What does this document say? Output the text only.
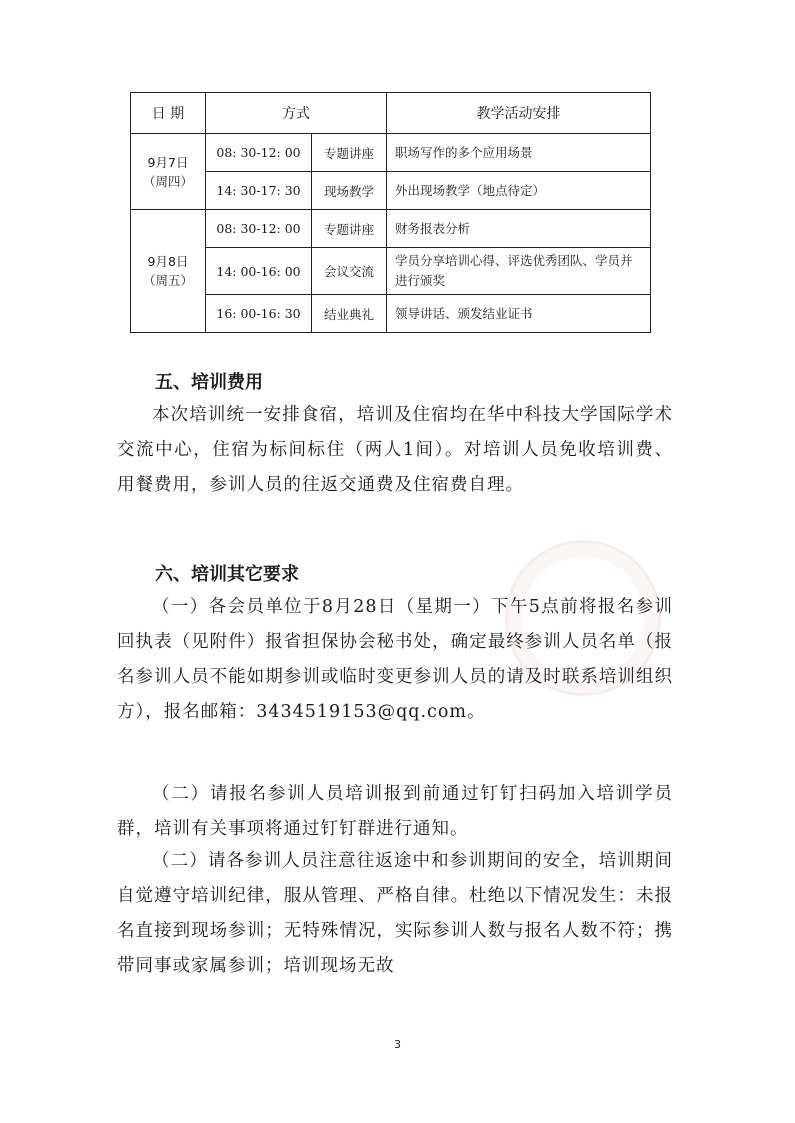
日 期	方式		教学活动安排

9月7日
（周四）	08: 30-12: 00	专题讲座	职场写作的多个应用场景
	14: 30-17: 30	现场教学	外出现场教学（地点待定）

9月8日
（周五）	08: 30-12: 00	专题讲座	财务报表分析
	14: 00-16: 00	会议交流	学员分享培训心得、评选优秀团队、学员并进行颁奖
	16: 00-16: 30	结业典礼	领导讲话、颁发结业证书
五、培训费用

本次培训统一安排食宿，培训及住宿均在华中科技大学国际学术交流中心，住宿为标间标住（两人1间）。对培训人员免收培训费、用餐费用，参训人员的往返交通费及住宿费自理。

六、培训其它要求

（一）各会员单位于8月28日（星期一）下午5点前将报名参训回执表（见附件）报省担保协会秘书处，确定最终参训人员名单（报名参训人员不能如期参训或临时变更参训人员的请及时联系培训组织方），报名邮箱：3434519153@qq.com。

（二）请报名参训人员培训报到前通过钉钉扫码加入培训学员群，培训有关事项将通过钉钉群进行通知。

（二）请各参训人员注意往返途中和参训期间的安全，培训期间自觉遵守培训纪律，服从管理、严格自律。杜绝以下情况发生：未报名直接到现场参训；无特殊情况，实际参训人数与报名人数不符；携带同事或家属参训；培训现场无故

3
